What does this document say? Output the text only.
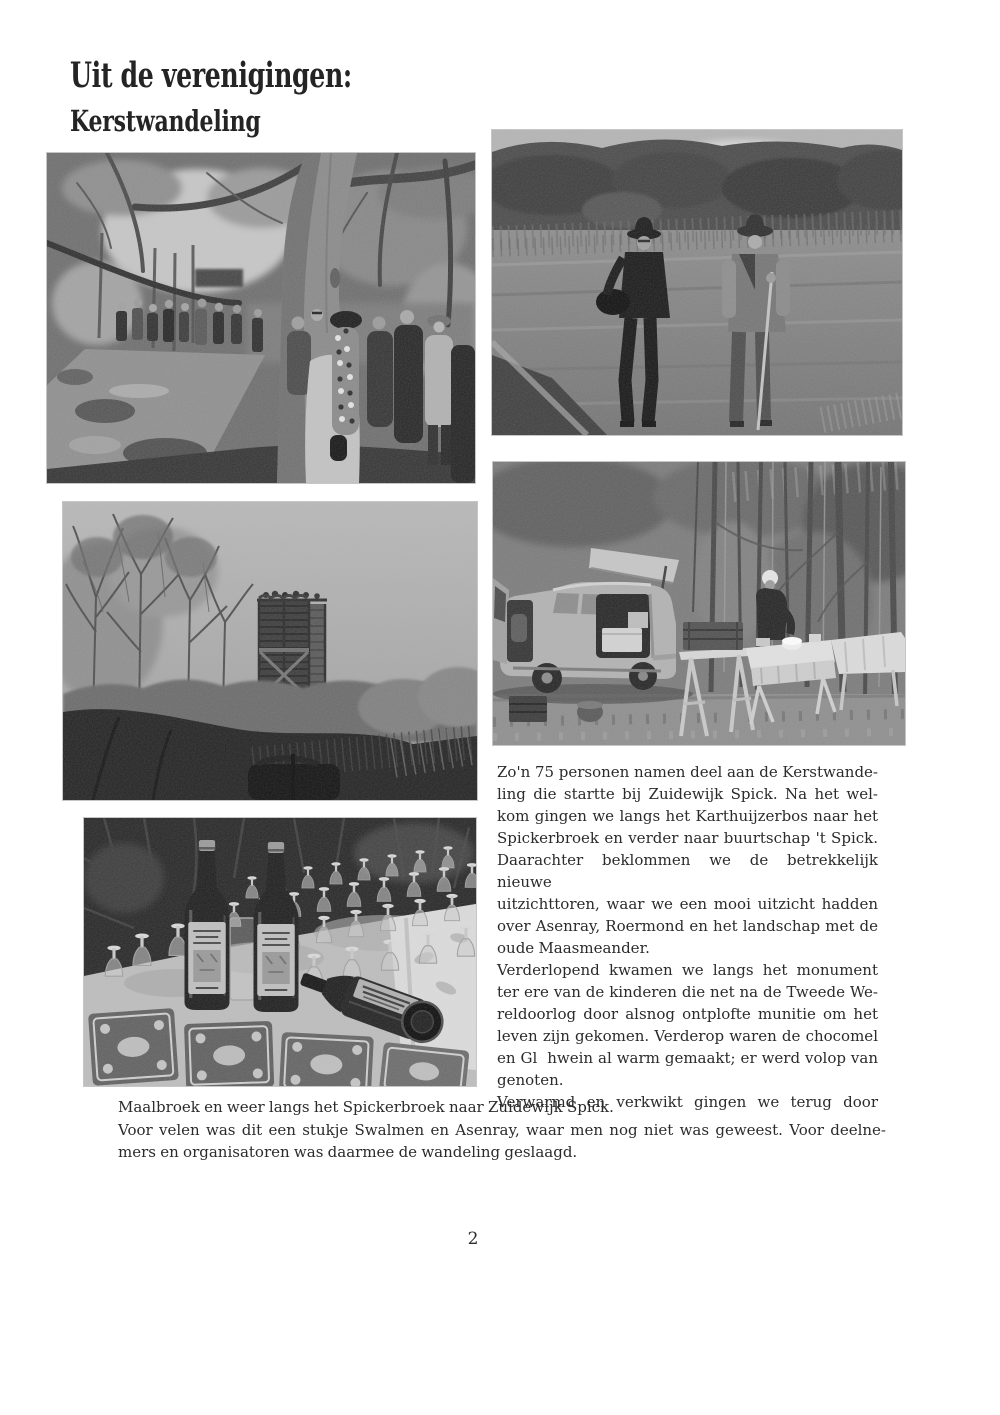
Uit de verenigingen:
Kerstwandeling

Zo'n 75 personen namen deel aan de Kerstwande-

ling die startte bij Zuidewijk Spick. Na het wel-

kom gingen we langs het Karthuijzerbos naar het

Spickerbroek en verder naar buurtschap 't Spick.

Daarachter beklommen we de betrekkelijk nieuwe

uitzichttoren, waar we een mooi uitzicht hadden

over Asenray, Roermond en het landschap met de

oude Maasmeander.

Verderlopend kwamen we langs het monument

ter ere van de kinderen die net na de Tweede We-

reldoorlog door alsnog ontplofte munitie om het

leven zijn gekomen. Verderop waren de chocomel

en Gl  hwein al warm gemaakt; er werd volop van

genoten.

Verwarmd en verkwikt gingen we terug door

Maalbroek en weer langs het Spickerbroek naar Zuidewijk Spick.

Voor velen was dit een stukje Swalmen en Asenray, waar men nog niet was geweest. Voor deelne-

mers en organisatoren was daarmee de wandeling geslaagd.

2
